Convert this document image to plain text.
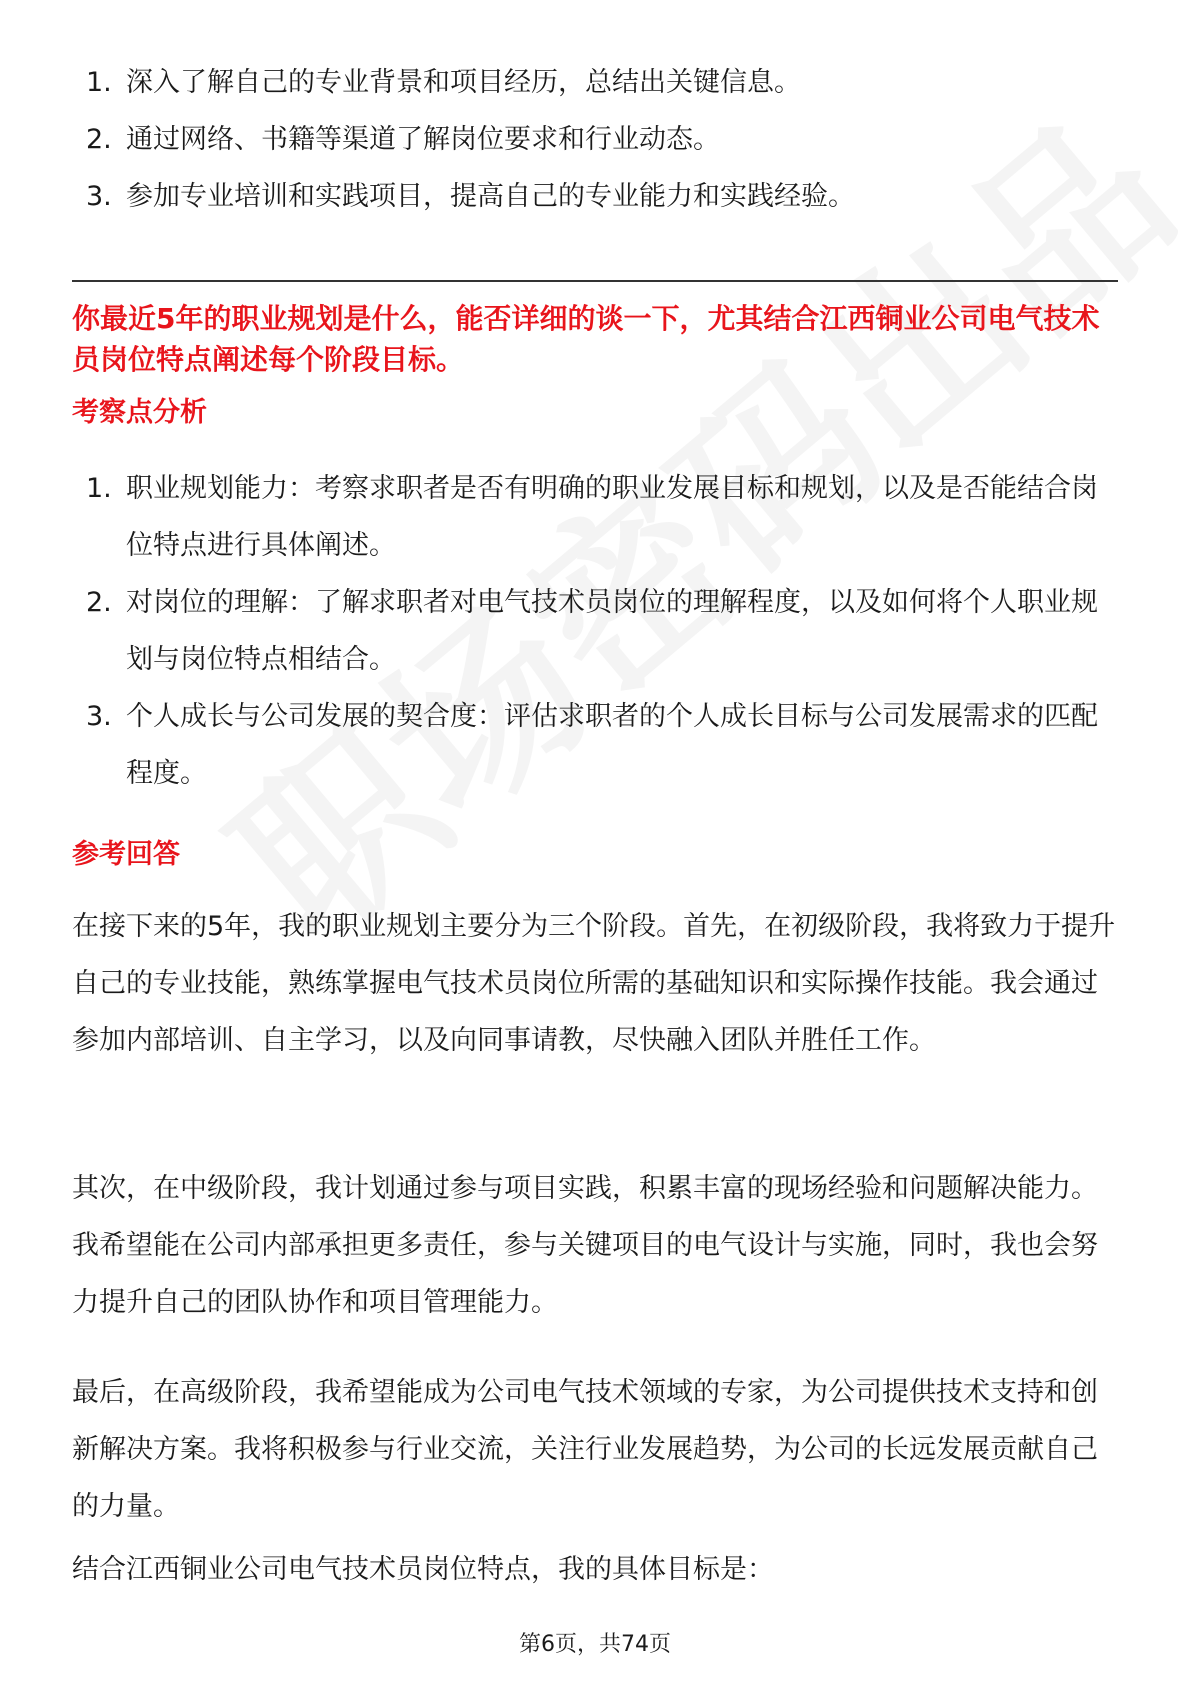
1. 深入了解自己的专业背景和项目经历，总结出关键信息。
2. 通过网络、书籍等渠道了解岗位要求和行业动态。
3. 参加专业培训和实践项目，提高自己的专业能力和实践经验。

你最近5年的职业规划是什么，能否详细的谈一下，尤其结合江西铜业公司电气技术员岗位特点阐述每个阶段目标。

考察点分析
1. 职业规划能力：考察求职者是否有明确的职业发展目标和规划，以及是否能结合岗位特点进行具体阐述。
2. 对岗位的理解：了解求职者对电气技术员岗位的理解程度，以及如何将个人职业规划与岗位特点相结合。
3. 个人成长与公司发展的契合度：评估求职者的个人成长目标与公司发展需求的匹配程度。
参考回答

在接下来的5年，我的职业规划主要分为三个阶段。首先，在初级阶段，我将致力于提升自己的专业技能，熟练掌握电气技术员岗位所需的基础知识和实际操作技能。我会通过参加内部培训、自主学习，以及向同事请教，尽快融入团队并胜任工作。

其次，在中级阶段，我计划通过参与项目实践，积累丰富的现场经验和问题解决能力。我希望能在公司内部承担更多责任，参与关键项目的电气设计与实施，同时，我也会努力提升自己的团队协作和项目管理能力。

最后，在高级阶段，我希望能成为公司电气技术领域的专家，为公司提供技术支持和创新解决方案。我将积极参与行业交流，关注行业发展趋势，为公司的长远发展贡献自己的力量。

结合江西铜业公司电气技术员岗位特点，我的具体目标是：

第6页，共74页
